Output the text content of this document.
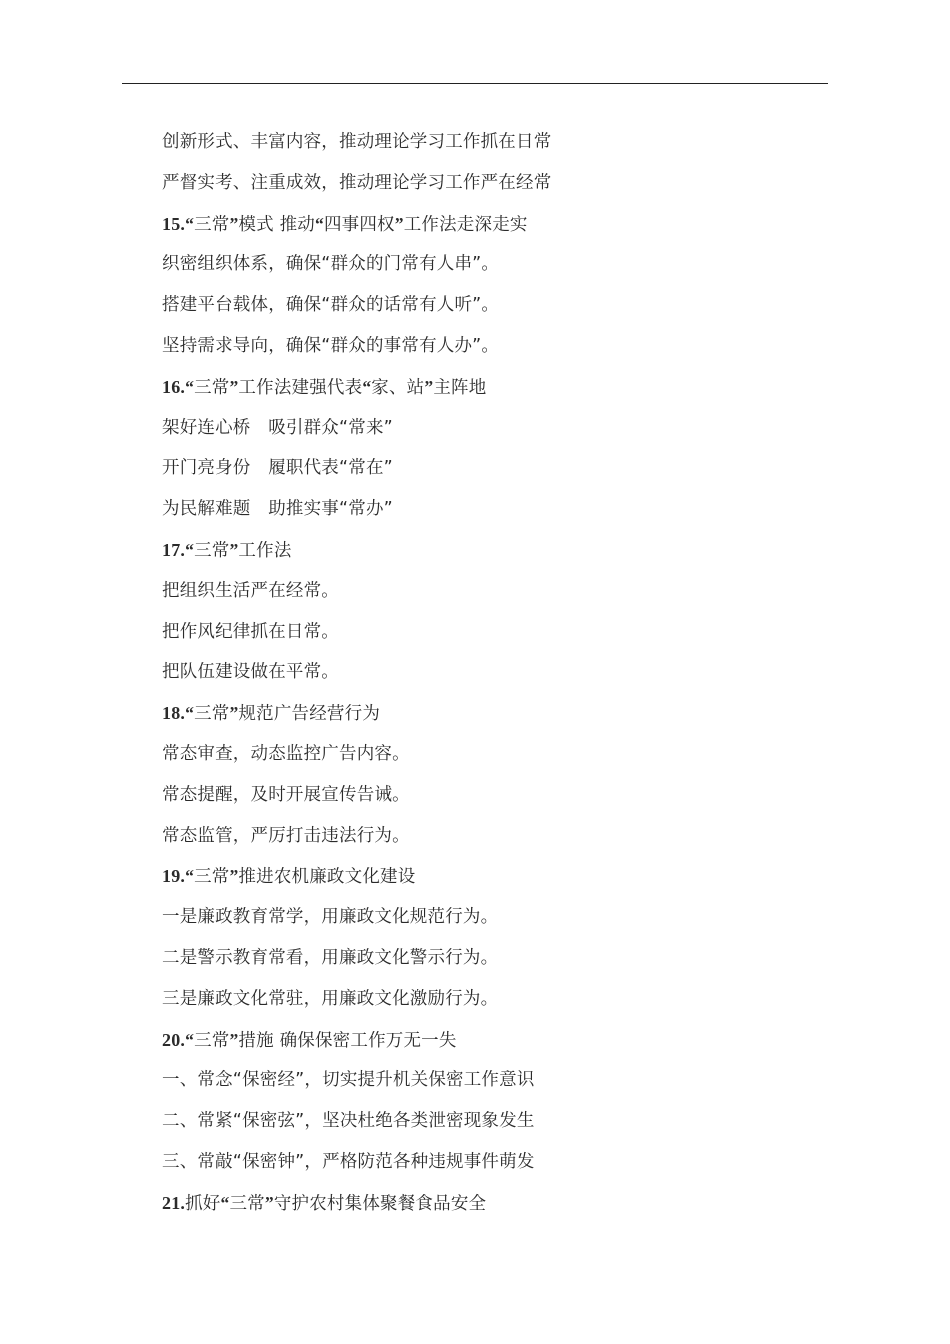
创新形式、丰富内容，推动理论学习工作抓在日常
严督实考、注重成效，推动理论学习工作严在经常
15.“三常”模式 推动“四事四权”工作法走深走实
织密组织体系，确保“群众的门常有人串”。
搭建平台载体，确保“群众的话常有人听”。
坚持需求导向，确保“群众的事常有人办”。
16.“三常”工作法建强代表“家、站”主阵地
架好连心桥　吸引群众“常来”
开门亮身份　履职代表“常在”
为民解难题　助推实事“常办”
17.“三常”工作法
把组织生活严在经常。
把作风纪律抓在日常。
把队伍建设做在平常。
18.“三常”规范广告经营行为
常态审查，动态监控广告内容。
常态提醒，及时开展宣传告诫。
常态监管，严厉打击违法行为。
19.“三常”推进农机廉政文化建设
一是廉政教育常学，用廉政文化规范行为。
二是警示教育常看，用廉政文化警示行为。
三是廉政文化常驻，用廉政文化激励行为。
20.“三常”措施 确保保密工作万无一失
一、常念“保密经”，切实提升机关保密工作意识
二、常紧“保密弦”，坚决杜绝各类泄密现象发生
三、常敲“保密钟”，严格防范各种违规事件萌发
21.抓好“三常”守护农村集体聚餐食品安全
